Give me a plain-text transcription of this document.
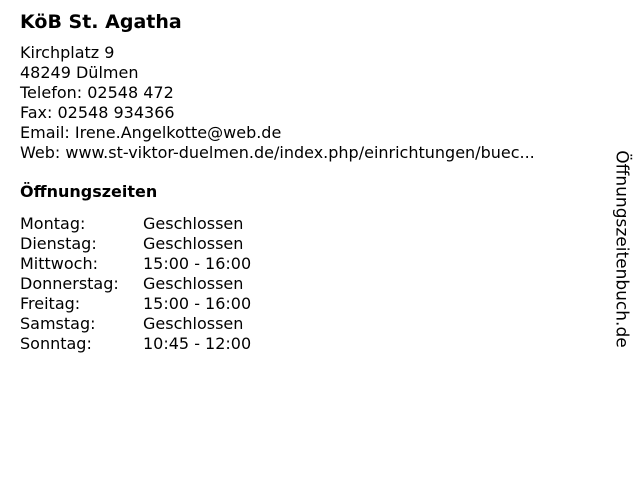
KöB St. Agatha
Kirchplatz 9
48249 Dülmen
Telefon: 02548 472
Fax: 02548 934366
Email: Irene.Angelkotte@web.de
Web: www.st-viktor-duelmen.de/index.php/einrichtungen/buec...
Öffnungszeiten
Montag:	Geschlossen
Dienstag:	Geschlossen
Mittwoch:	15:00 - 16:00
Donnerstag:	Geschlossen
Freitag:	15:00 - 16:00
Samstag:	Geschlossen
Sonntag:	10:45 - 12:00	Öffnungszeitenbuch.de
